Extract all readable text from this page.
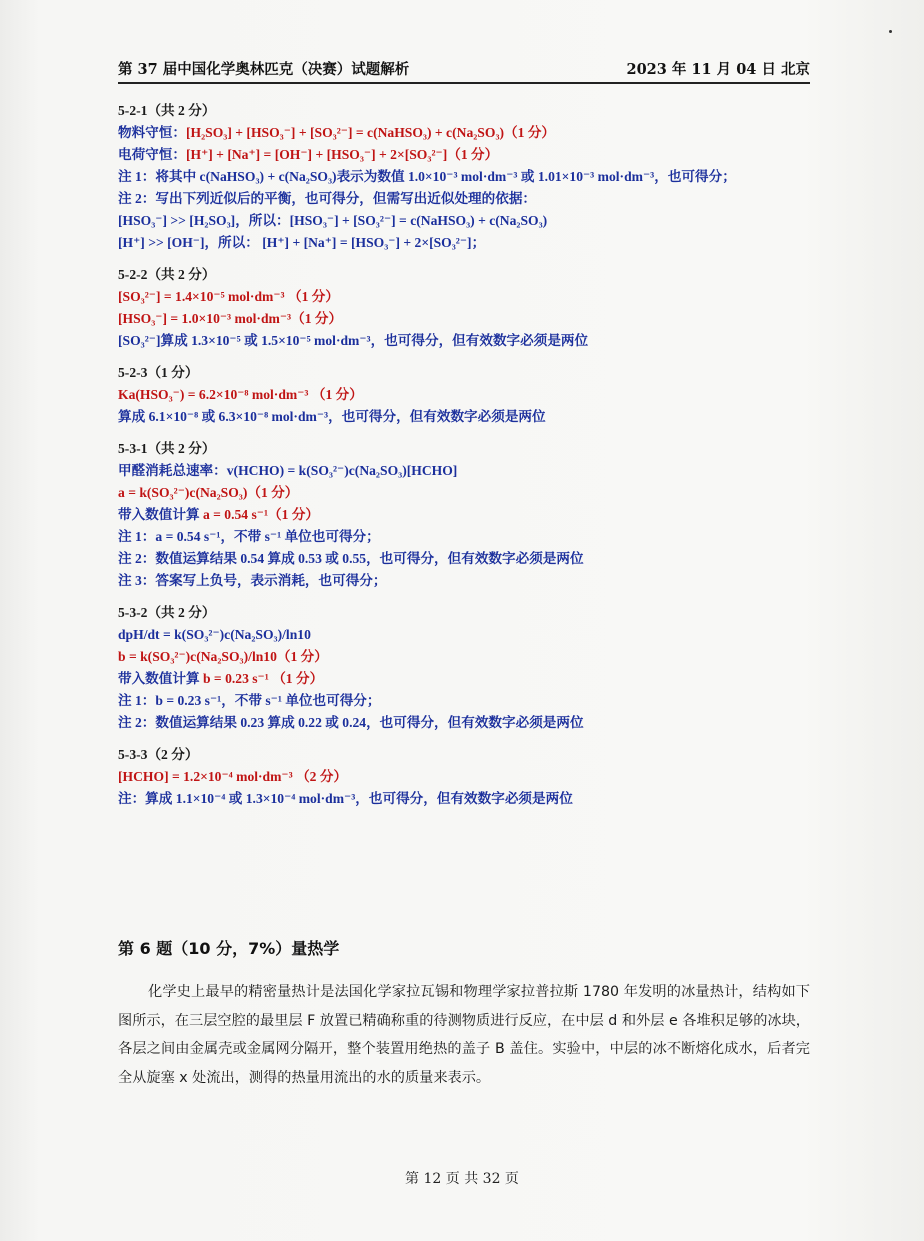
第 37 届中国化学奥林匹克（决赛）试题解析	2023 年 11 月 04 日 北京
5-2-1（共 2 分）
物料守恒：[H₂SO₃] + [HSO₃⁻] + [SO₃²⁻] = c(NaHSO₃) + c(Na₂SO₃)（1 分）
电荷守恒：[H⁺] + [Na⁺] = [OH⁻] + [HSO₃⁻] + 2×[SO₃²⁻]（1 分）
注 1：将其中 c(NaHSO₃) + c(Na₂SO₃)表示为数值 1.0×10⁻³ mol·dm⁻³ 或 1.01×10⁻³ mol·dm⁻³，也可得分；
注 2：写出下列近似后的平衡，也可得分，但需写出近似处理的依据：
[HSO₃⁻] >> [H₂SO₃]，所以：[HSO₃⁻] + [SO₃²⁻] = c(NaHSO₃) + c(Na₂SO₃)
[H⁺] >> [OH⁻]，所以： [H⁺] + [Na⁺] = [HSO₃⁻] + 2×[SO₃²⁻]；
5-2-2（共 2 分）
[SO₃²⁻] = 1.4×10⁻⁵ mol·dm⁻³ （1 分）
[HSO₃⁻] = 1.0×10⁻³ mol·dm⁻³（1 分）
[SO₃²⁻]算成 1.3×10⁻⁵ 或 1.5×10⁻⁵ mol·dm⁻³，也可得分，但有效数字必须是两位
5-2-3（1 分）
Ka(HSO₃⁻) = 6.2×10⁻⁸ mol·dm⁻³ （1 分）
算成 6.1×10⁻⁸ 或 6.3×10⁻⁸ mol·dm⁻³，也可得分，但有效数字必须是两位
5-3-1（共 2 分）
甲醛消耗总速率：v(HCHO) = k(SO₃²⁻)c(Na₂SO₃)[HCHO]
a = k(SO₃²⁻)c(Na₂SO₃)（1 分）
带入数值计算 a = 0.54 s⁻¹（1 分）
注 1：a = 0.54 s⁻¹，不带 s⁻¹ 单位也可得分；
注 2：数值运算结果 0.54 算成 0.53 或 0.55，也可得分，但有效数字必须是两位
注 3：答案写上负号，表示消耗，也可得分；
5-3-2（共 2 分）
dpH/dt = k(SO₃²⁻)c(Na₂SO₃)/ln10
b = k(SO₃²⁻)c(Na₂SO₃)/ln10（1 分）
带入数值计算 b = 0.23 s⁻¹ （1 分）
注 1：b = 0.23 s⁻¹，不带 s⁻¹ 单位也可得分；
注 2：数值运算结果 0.23 算成 0.22 或 0.24，也可得分，但有效数字必须是两位
5-3-3（2 分）
[HCHO] = 1.2×10⁻⁴ mol·dm⁻³ （2 分）
注：算成 1.1×10⁻⁴ 或 1.3×10⁻⁴ mol·dm⁻³，也可得分，但有效数字必须是两位
第 6 题（10 分，7%）量热学
化学史上最早的精密量热计是法国化学家拉瓦锡和物理学家拉普拉斯 1780 年发明的冰量热计，结构如下图所示，在三层空腔的最里层 F 放置已精确称重的待测物质进行反应，在中层 d 和外层 e 各堆积足够的冰块，各层之间由金属壳或金属网分隔开，整个装置用绝热的盖子 B 盖住。实验中，中层的冰不断熔化成水，后者完全从旋塞 x 处流出，测得的热量用流出的水的质量来表示。
第 12 页 共 32 页
